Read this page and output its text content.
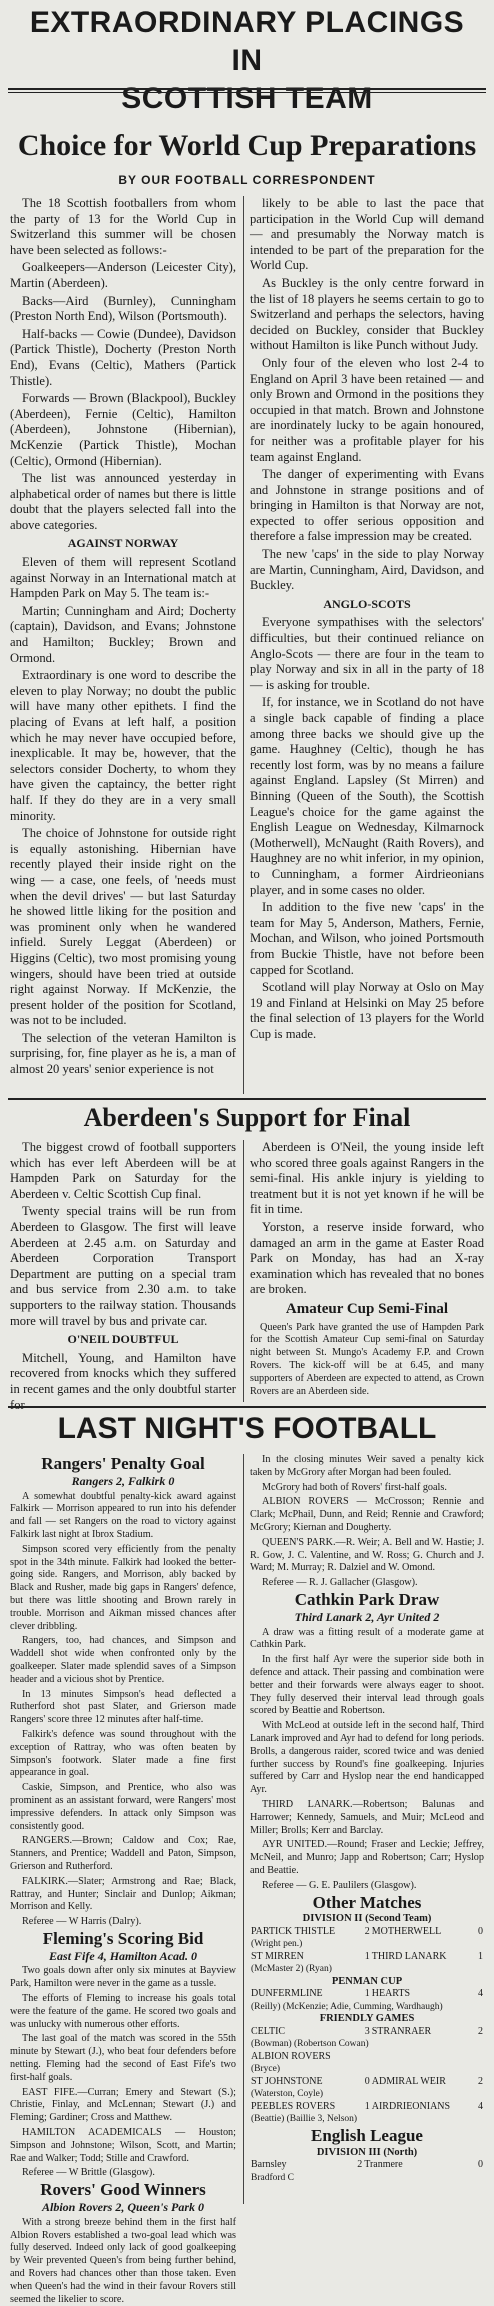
EXTRAORDINARY PLACINGS IN
SCOTTISH TEAM
Choice for World Cup Preparations
BY OUR FOOTBALL CORRESPONDENT

The 18 Scottish footballers from whom the party of 13 for the World Cup in Switzerland this summer will be chosen have been selected as follows:-

Goalkeepers—Anderson (Leicester City), Martin (Aberdeen).

Backs—Aird (Burnley), Cunningham (Preston North End), Wilson (Portsmouth).

Half-backs — Cowie (Dundee), Davidson (Partick Thistle), Docherty (Preston North End), Evans (Celtic), Mathers (Partick Thistle).

Forwards — Brown (Blackpool), Buckley (Aberdeen), Fernie (Celtic), Hamilton (Aberdeen), Johnstone (Hibernian), McKenzie (Partick Thistle), Mochan (Celtic), Ormond (Hibernian).

The list was announced yesterday in alphabetical order of names but there is little doubt that the players selected fall into the above categories.

AGAINST NORWAY

Eleven of them will represent Scotland against Norway in an International match at Hampden Park on May 5. The team is:-

Martin; Cunningham and Aird; Docherty (captain), Davidson, and Evans; Johnstone and Hamilton; Buckley; Brown and Ormond.

Extraordinary is one word to describe the eleven to play Norway; no doubt the public will have many other epithets. I find the placing of Evans at left half, a position which he may never have occupied before, inexplicable. It may be, however, that the selectors consider Docherty, to whom they have given the captaincy, the better right half. If they do they are in a very small minority.

The choice of Johnstone for outside right is equally astonishing. Hibernian have recently played their inside right on the wing — a case, one feels, of 'needs must when the devil drives' — but last Saturday he showed little liking for the position and was prominent only when he wandered infield. Surely Leggat (Aberdeen) or Higgins (Celtic), two most promising young wingers, should have been tried at outside right against Norway. If McKenzie, the present holder of the position for Scotland, was not to be included.

The selection of the veteran Hamilton is surprising, for, fine player as he is, a man of almost 20 years' senior experience is not

likely to be able to last the pace that participation in the World Cup will demand — and presumably the Norway match is intended to be part of the preparation for the World Cup.

As Buckley is the only centre forward in the list of 18 players he seems certain to go to Switzerland and perhaps the selectors, having decided on Buckley, consider that Buckley without Hamilton is like Punch without Judy.

Only four of the eleven who lost 2-4 to England on April 3 have been retained — and only Brown and Ormond in the positions they occupied in that match. Brown and Johnstone are inordinately lucky to be again honoured, for neither was a profitable player for his team against England.

The danger of experimenting with Evans and Johnstone in strange positions and of bringing in Hamilton is that Norway are not, expected to offer serious opposition and therefore a false impression may be created.

The new 'caps' in the side to play Norway are Martin, Cunningham, Aird, Davidson, and Buckley.

ANGLO-SCOTS

Everyone sympathises with the selectors' difficulties, but their continued reliance on Anglo-Scots — there are four in the team to play Norway and six in all in the party of 18 — is asking for trouble.

If, for instance, we in Scotland do not have a single back capable of finding a place among three backs we should give up the game. Haughney (Celtic), though he has recently lost form, was by no means a failure against England. Lapsley (St Mirren) and Binning (Queen of the South), the Scottish League's choice for the game against the English League on Wednesday, Kilmarnock (Motherwell), McNaught (Raith Rovers), and Haughney are no whit inferior, in my opinion, to Cunningham, a former Airdrieonians player, and in some cases no older.

In addition to the five new 'caps' in the team for May 5, Anderson, Mathers, Fernie, Mochan, and Wilson, who joined Portsmouth from Buckie Thistle, have not before been capped for Scotland.

Scotland will play Norway at Oslo on May 19 and Finland at Helsinki on May 25 before the final selection of 13 players for the World Cup is made.

Aberdeen's Support for Final

The biggest crowd of football supporters which has ever left Aberdeen will be at Hampden Park on Saturday for the Aberdeen v. Celtic Scottish Cup final.

Twenty special trains will be run from Aberdeen to Glasgow. The first will leave Aberdeen at 2.45 a.m. on Saturday and Aberdeen Corporation Transport Department are putting on a special tram and bus service from 2.30 a.m. to take supporters to the railway station. Thousands more will travel by bus and private car.

O'NEIL DOUBTFUL

Mitchell, Young, and Hamilton have recovered from knocks which they suffered in recent games and the only doubtful starter for

Aberdeen is O'Neil, the young inside left who scored three goals against Rangers in the semi-final. His ankle injury is yielding to treatment but it is not yet known if he will be fit in time.

Yorston, a reserve inside forward, who damaged an arm in the game at Easter Road Park on Monday, has had an X-ray examination which has revealed that no bones are broken.

Amateur Cup Semi-Final

Queen's Park have granted the use of Hampden Park for the Scottish Amateur Cup semi-final on Saturday night between St. Mungo's Academy F.P. and Crown Rovers. The kick-off will be at 6.45, and many supporters of Aberdeen are expected to attend, as Crown Rovers are an Aberdeen side.

LAST NIGHT'S FOOTBALL

Rangers' Penalty Goal

Rangers 2, Falkirk 0

A somewhat doubtful penalty-kick award against Falkirk — Morrison appeared to run into his defender and fall — set Rangers on the road to victory against Falkirk last night at Ibrox Stadium.

Simpson scored very efficiently from the penalty spot in the 34th minute. Falkirk had looked the better-going side. Rangers, and Morrison, ably backed by Black and Rusher, made big gaps in Rangers' defence, but there was little shooting and Brown rarely in trouble. Morrison and Aikman missed chances after clever dribbling.

Rangers, too, had chances, and Simpson and Waddell shot wide when confronted only by the goalkeeper. Slater made splendid saves of a Simpson header and a vicious shot by Prentice.

In 13 minutes Simpson's head deflected a Rutherford shot past Slater, and Grierson made Rangers' score three 12 minutes after half-time.

Falkirk's defence was sound throughout with the exception of Rattray, who was often beaten by Simpson's footwork. Slater made a fine first appearance in goal.

Caskie, Simpson, and Prentice, who also was prominent as an assistant forward, were Rangers' most impressive defenders. In attack only Simpson was consistently good.

RANGERS.—Brown; Caldow and Cox; Rae, Stanners, and Prentice; Waddell and Paton, Simpson, Grierson and Rutherford.

FALKIRK.—Slater; Armstrong and Rae; Black, Rattray, and Hunter; Sinclair and Dunlop; Aikman; Morrison and Kelly.

Referee — W Harris (Dalry).

Fleming's Scoring Bid

East Fife 4, Hamilton Acad. 0

Two goals down after only six minutes at Bayview Park, Hamilton were never in the game as a tussle.

The efforts of Fleming to increase his goals total were the feature of the game. He scored two goals and was unlucky with numerous other efforts.

The last goal of the match was scored in the 55th minute by Stewart (J.), who beat four defenders before netting. Fleming had the second of East Fife's two first-half goals.

EAST FIFE.—Curran; Emery and Stewart (S.); Christie, Finlay, and McLennan; Stewart (J.) and Fleming; Gardiner; Cross and Matthew.

HAMILTON ACADEMICALS — Houston; Simpson and Johnstone; Wilson, Scott, and Martin; Rae and Walker; Todd; Stille and Crawford.

Referee — W Brittle (Glasgow).

Rovers' Good Winners

Albion Rovers 2, Queen's Park 0

With a strong breeze behind them in the first half Albion Rovers established a two-goal lead which was fully deserved. Indeed only lack of good goalkeeping by Weir prevented Queen's from being further behind, and Rovers had chances other than those taken. Even when Queen's had the wind in their favour Rovers still seemed the likelier to score.

In the closing minutes Weir saved a penalty kick taken by McGrory after Morgan had been fouled.

McGrory had both of Rovers' first-half goals.

ALBION ROVERS — McCrosson; Rennie and Clark; McPhail, Dunn, and Reid; Rennie and Crawford; McGrory; Kiernan and Dougherty.

QUEEN'S PARK.—R. Weir; A. Bell and W. Hastie; J. R. Gow, J. C. Valentine, and W. Ross; G. Church and J. Ward; M. Murray; R. Dalziel and W. Omond.

Referee — R. J. Gallacher (Glasgow).

Cathkin Park Draw

Third Lanark 2, Ayr United 2

A draw was a fitting result of a moderate game at Cathkin Park.

In the first half Ayr were the superior side both in defence and attack. Their passing and combination were better and their forwards were always eager to shoot. They fully deserved their interval lead through goals scored by Beattie and Robertson.

With McLeod at outside left in the second half, Third Lanark improved and Ayr had to defend for long periods. Brolls, a dangerous raider, scored twice and was denied further success by Round's fine goalkeeping. Injuries suffered by Carr and Hyslop near the end handicapped Ayr.

THIRD LANARK.—Robertson; Balunas and Harrower; Kennedy, Samuels, and Muir; McLeod and Miller; Brolls; Kerr and Barclay.

AYR UNITED.—Round; Fraser and Leckie; Jeffrey, McNeil, and Munro; Japp and Robertson; Carr; Hyslop and Beattie.

Referee — G. E. Paulilers (Glasgow).

Other Matches

DIVISION II (Second Team)			
PARTICK THISTLE	2	MOTHERWELL	0
(Wright pen.)			
ST MIRREN	1	THIRD LANARK	1
(McMaster 2) (Ryan)			
PENMAN CUP			
DUNFERMLINE	1	HEARTS	4
(Reilly) (McKenzie; Adie, Cumming, Wardhaugh)			
FRIENDLY GAMES			
CELTIC	3	STRANRAER	2
(Bowman) (Robertson Cowan)			
ALBION ROVERS			
(Bryce)			
ST JOHNSTONE	0	ADMIRAL WEIR	2
(Waterston, Coyle)			
PEEBLES ROVERS	1	AIRDRIEONIANS	4
(Beattie) (Baillie 3, Nelson)			

English League

DIVISION III (North)
Barnsley	2	Tranmere	0
Bradford C
